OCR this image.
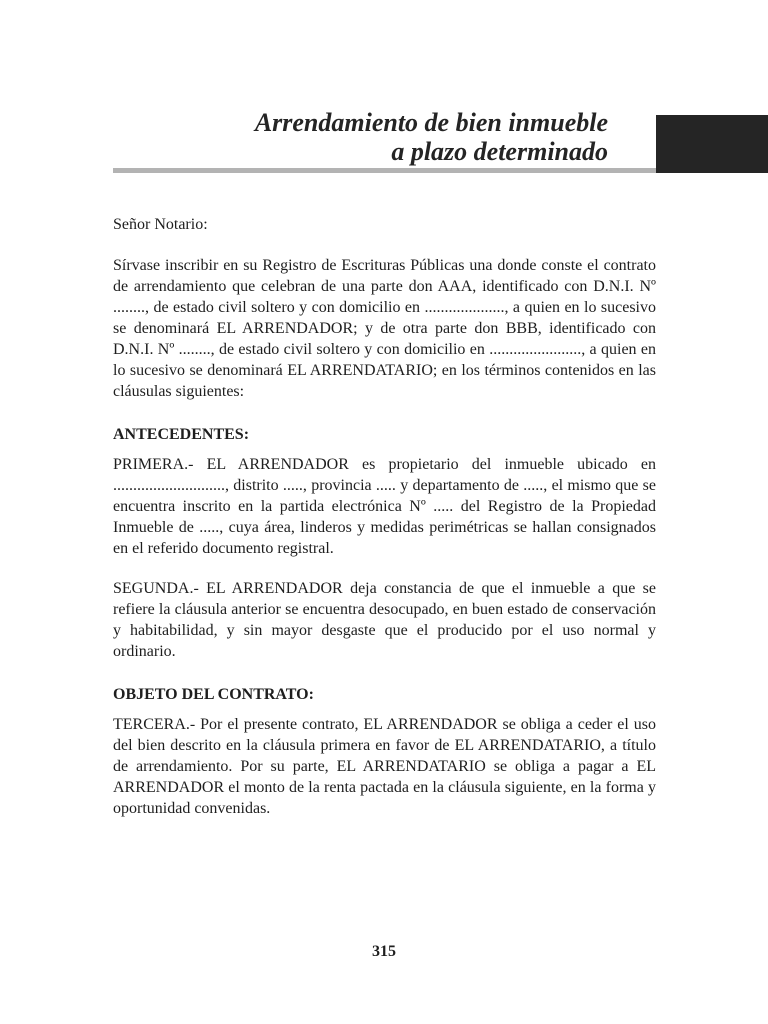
Arrendamiento de bien inmueble
a plazo determinado

Señor Notario:

Sírvase inscribir en su Registro de Escrituras Públicas una donde conste el contrato de arrendamiento que celebran de una parte don AAA, identificado con D.N.I. Nº ........, de estado civil soltero y con domicilio en ...................., a quien en lo sucesivo se denominará EL ARRENDADOR; y de otra parte don BBB, identificado con D.N.I. Nº ........, de estado civil soltero y con domicilio en ......................., a quien en lo sucesivo se denominará EL ARRENDATARIO; en los términos contenidos en las cláusulas siguientes:

ANTECEDENTES:

PRIMERA.- EL ARRENDADOR es propietario del inmueble ubicado en ............................, distrito ....., provincia ..... y departamento de ....., el mismo que se encuentra inscrito en la partida electrónica Nº ..... del Registro de la Propiedad Inmueble de ....., cuya área, linderos y medidas perimétricas se hallan consignados en el referido documento registral.

SEGUNDA.- EL ARRENDADOR deja constancia de que el inmueble a que se refiere la cláusula anterior se encuentra desocupado, en buen estado de conservación y habitabilidad, y sin mayor desgaste que el producido por el uso normal y ordinario.

OBJETO DEL CONTRATO:

TERCERA.- Por el presente contrato, EL ARRENDADOR se obliga a ceder el uso del bien descrito en la cláusula primera en favor de EL ARRENDATARIO, a título de arrendamiento. Por su parte, EL ARRENDATARIO se obliga a pagar a EL ARRENDADOR el monto de la renta pactada en la cláusula siguiente, en la forma y oportunidad convenidas.

315
